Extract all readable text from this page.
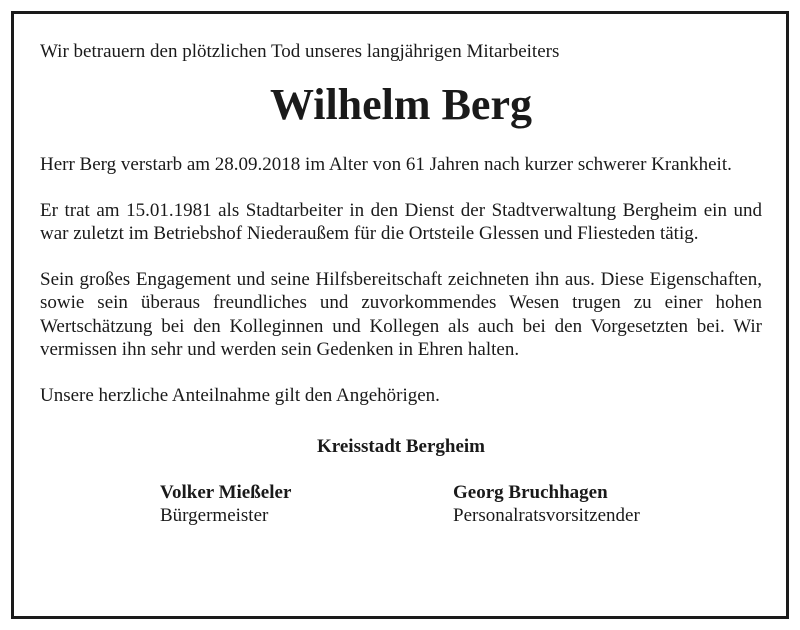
Wir betrauern den plötzlichen Tod unseres langjährigen Mitarbeiters

Wilhelm Berg

Herr Berg verstarb am 28.09.2018 im Alter von 61 Jahren nach kurzer schwerer Krankheit.

Er trat am 15.01.1981 als Stadtarbeiter in den Dienst der Stadtverwaltung Bergheim ein und war zuletzt im Betriebshof Niederaußem für die Ortsteile Glessen und Fliesteden tätig.

Sein großes Engagement und seine Hilfsbereitschaft zeichneten ihn aus. Diese Eigenschaften, sowie sein überaus freundliches und zuvorkommendes Wesen trugen zu einer hohen Wertschätzung bei den Kolleginnen und Kollegen als auch bei den Vorgesetzten bei. Wir vermissen ihn sehr und werden sein Gedenken in Ehren halten.

Unsere herzliche Anteilnahme gilt den Angehörigen.

Kreisstadt Bergheim
Volker Mießeler
Bürgermeister
Georg Bruchhagen
Personalratsvorsitzender
